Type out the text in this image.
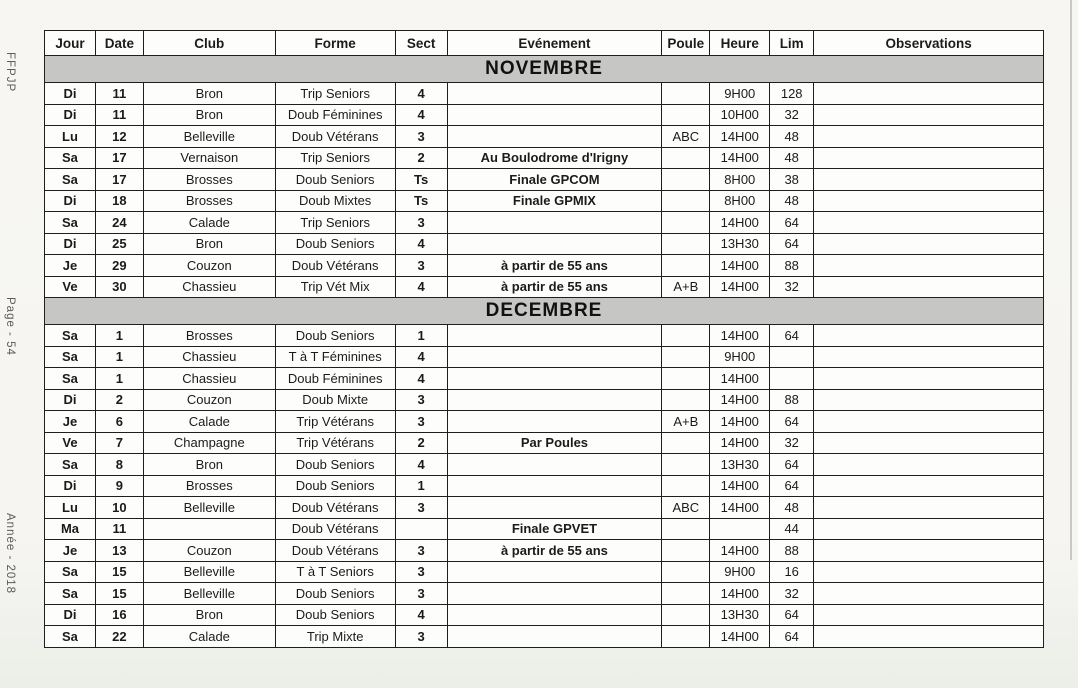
FFPJP
Page - 54
Année - 2018
Jour	Date	Club	Forme	Sect	Evénement	Poule	Heure	Lim	Observations
NOVEMBRE									
Di	11	Bron	Trip Seniors	4			9H00	128	
Di	11	Bron	Doub Féminines	4			10H00	32	
Lu	12	Belleville	Doub Vétérans	3		ABC	14H00	48	
Sa	17	Vernaison	Trip Seniors	2	Au Boulodrome d'Irigny		14H00	48	
Sa	17	Brosses	Doub Seniors	Ts	Finale GPCOM		8H00	38	
Di	18	Brosses	Doub Mixtes	Ts	Finale GPMIX		8H00	48	
Sa	24	Calade	Trip Seniors	3			14H00	64	
Di	25	Bron	Doub Seniors	4			13H30	64	
Je	29	Couzon	Doub Vétérans	3	à partir de 55 ans		14H00	88	
Ve	30	Chassieu	Trip Vét Mix	4	à partir de 55 ans	A+B	14H00	32	
DECEMBRE									
Sa	1	Brosses	Doub Seniors	1			14H00	64	
Sa	1	Chassieu	T à T Féminines	4			9H00		
Sa	1	Chassieu	Doub Féminines	4			14H00		
Di	2	Couzon	Doub Mixte	3			14H00	88	
Je	6	Calade	Trip Vétérans	3		A+B	14H00	64	
Ve	7	Champagne	Trip Vétérans	2	Par Poules		14H00	32	
Sa	8	Bron	Doub Seniors	4			13H30	64	
Di	9	Brosses	Doub Seniors	1			14H00	64	
Lu	10	Belleville	Doub Vétérans	3		ABC	14H00	48	
Ma	11		Doub Vétérans		Finale GPVET			44	
Je	13	Couzon	Doub Vétérans	3	à partir de 55 ans		14H00	88	
Sa	15	Belleville	T à T Seniors	3			9H00	16	
Sa	15	Belleville	Doub Seniors	3			14H00	32	
Di	16	Bron	Doub Seniors	4			13H30	64	
Sa	22	Calade	Trip Mixte	3			14H00	64	
